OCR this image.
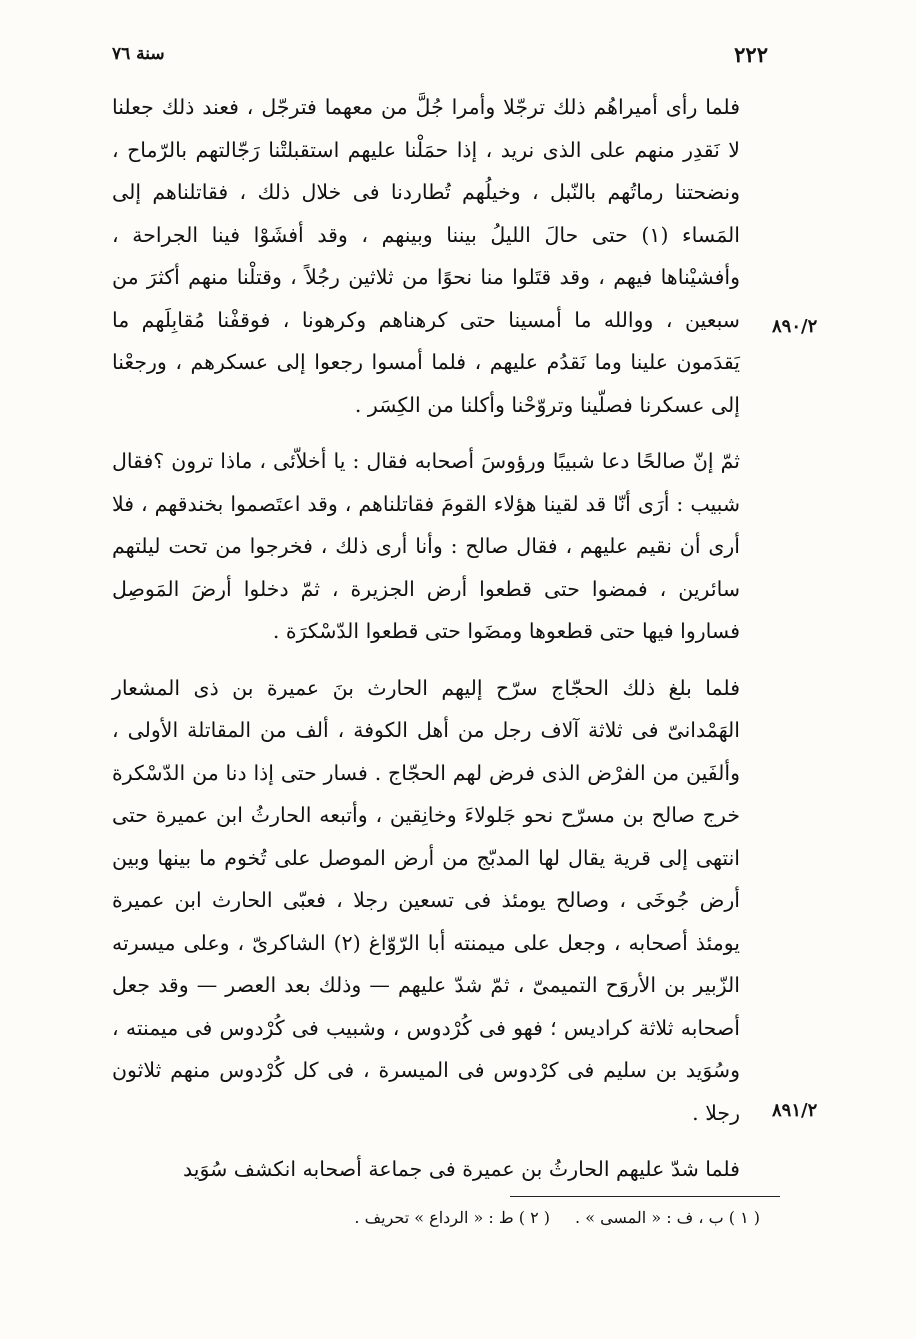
٢٢٢
سنة ٧٦

فلما رأى أميراهُم ذلك ترجّلا وأمرا جُلَّ من معهما فترجّل ، فعند ذلك جعلنا لا نَقدِر منهم على الذى نريد ، إذا حمَلْنا عليهم استقبلتْنا رَجّالتهم بالرّماح ، ونضحتنا رماتُهم بالنّبل ، وخيلُهم تُطاردنا فى خلال ذلك ، فقاتلناهم إلى المَساء (١) حتى حالَ الليلُ بيننا وبينهم ، وقد أفشَوْا فينا الجراحة ، وأفشيْناها فيهم ، وقد قتَلوا منا نحوًا من ثلاثين رجُلاً ، وقتلْنا منهم أكثرَ من سبعين ، ووالله ما أمسينا حتى كرهناهم وكرهونا ، فوقفْنا مُقابِلَهم ما يَقدَمون علينا وما نَقدُم عليهم ، فلما أمسوا رجعوا إلى عسكرهم ، ورجعْنا إلى عسكرنا فصلّينا وتروّحْنا وأكلنا من الكِسَر .

ثمّ إنّ صالحًا دعا شبيبًا ورؤوسَ أصحابه فقال : يا أخلاّئى ، ماذا ترون ؟فقال شبيب : أرَى أنّا قد لقينا هؤلاء القومَ فقاتلناهم ، وقد اعتَصموا بخندقهم ، فلا أرى أن نقيم عليهم ، فقال صالح : وأنا أرى ذلك ، فخرجوا من تحت ليلتهم سائرين ، فمضوا حتى قطعوا أرض الجزيرة ، ثمّ دخلوا أرضَ المَوصِل فساروا فيها حتى قطعوها ومضَوا حتى قطعوا الدّسْكرَة .

فلما بلغ ذلك الحجّاج سرّح إليهم الحارث بنَ عميرة بن ذى المشعار الهَمْدانىّ فى ثلاثة آلاف رجل من أهل الكوفة ، ألف من المقاتلة الأولى ، وألفَين من الفرْض الذى فرض لهم الحجّاج . فسار حتى إذا دنا من الدّسْكرة خرج صالح بن مسرّح نحو جَلولاءَ وخانِقين ، وأتبعه الحارثُ ابن عميرة حتى انتهى إلى قرية يقال لها المدبّج من أرض الموصل على تُخوم ما بينها وبين أرض جُوخَى ، وصالح يومئذ فى تسعين رجلا ، فعبّى الحارث ابن عميرة يومئذ أصحابه ، وجعل على ميمنته أبا الرّوّاغ (٢) الشاكرىّ ، وعلى ميسرته الزّبير بن الأروَح التميمىّ ، ثمّ شدّ عليهم — وذلك بعد العصر — وقد جعل أصحابه ثلاثة كراديس ؛ فهو فى كُرْدوس ، وشبيب فى كُرْدوس فى ميمنته ، وسُوَيد بن سليم فى كرْدوس فى الميسرة ، فى كل كُرْدوس منهم ثلاثون رجلا .

فلما شدّ عليهم الحارثُ بن عميرة فى جماعة أصحابه انكشف سُوَيد

٨٩٠/٢
٨٩١/٢
( ١ ) ب ، ف : « المسى » .
( ٢ ) ط : « الرداع » تحريف .
